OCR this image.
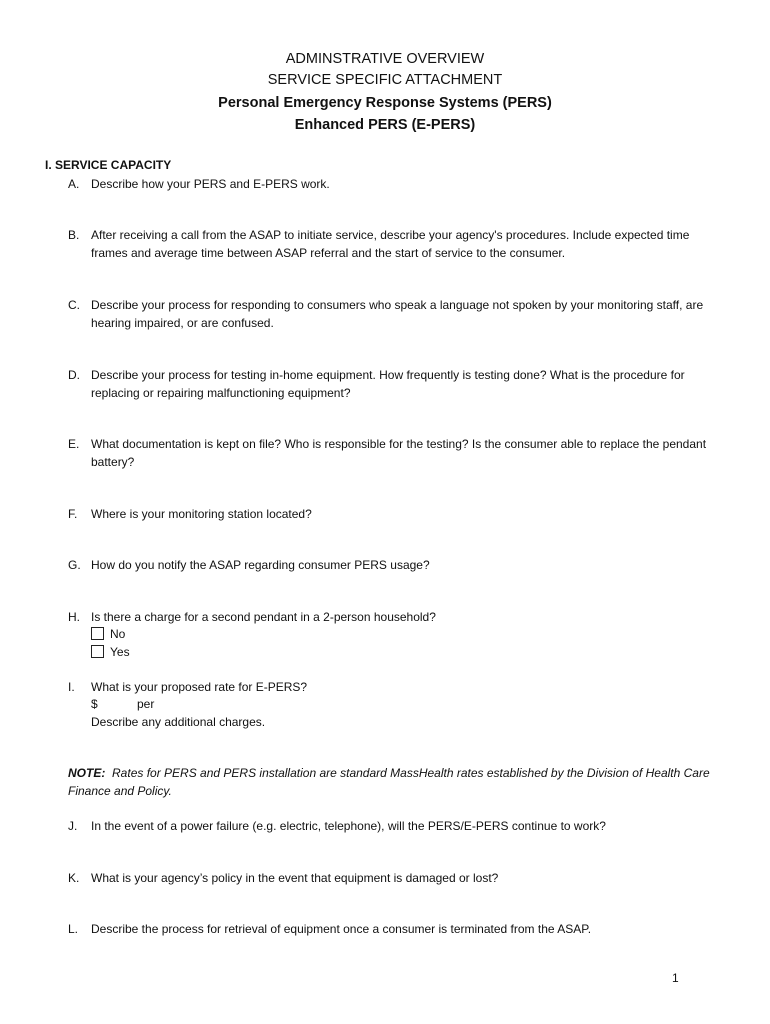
ADMINSTRATIVE OVERVIEW
SERVICE SPECIFIC ATTACHMENT
Personal Emergency Response Systems (PERS)
Enhanced PERS (E-PERS)
I. SERVICE CAPACITY
A. Describe how your PERS and E-PERS work.
B. After receiving a call from the ASAP to initiate service, describe your agency's procedures. Include expected time frames and average time between ASAP referral and the start of service to the consumer.
C. Describe your process for responding to consumers who speak a language not spoken by your monitoring staff, are hearing impaired, or are confused.
D. Describe your process for testing in-home equipment. How frequently is testing done? What is the procedure for replacing or repairing malfunctioning equipment?
E. What documentation is kept on file? Who is responsible for the testing? Is the consumer able to replace the pendant battery?
F. Where is your monitoring station located?
G. How do you notify the ASAP regarding consumer PERS usage?
H. Is there a charge for a second pendant in a 2-person household?
No
Yes
I. What is your proposed rate for E-PERS?
$	per
Describe any additional charges.
NOTE: Rates for PERS and PERS installation are standard MassHealth rates established by the Division of Health Care Finance and Policy.
J. In the event of a power failure (e.g. electric, telephone), will the PERS/E-PERS continue to work?
K. What is your agency’s policy in the event that equipment is damaged or lost?
L. Describe the process for retrieval of equipment once a consumer is terminated from the ASAP.
1
